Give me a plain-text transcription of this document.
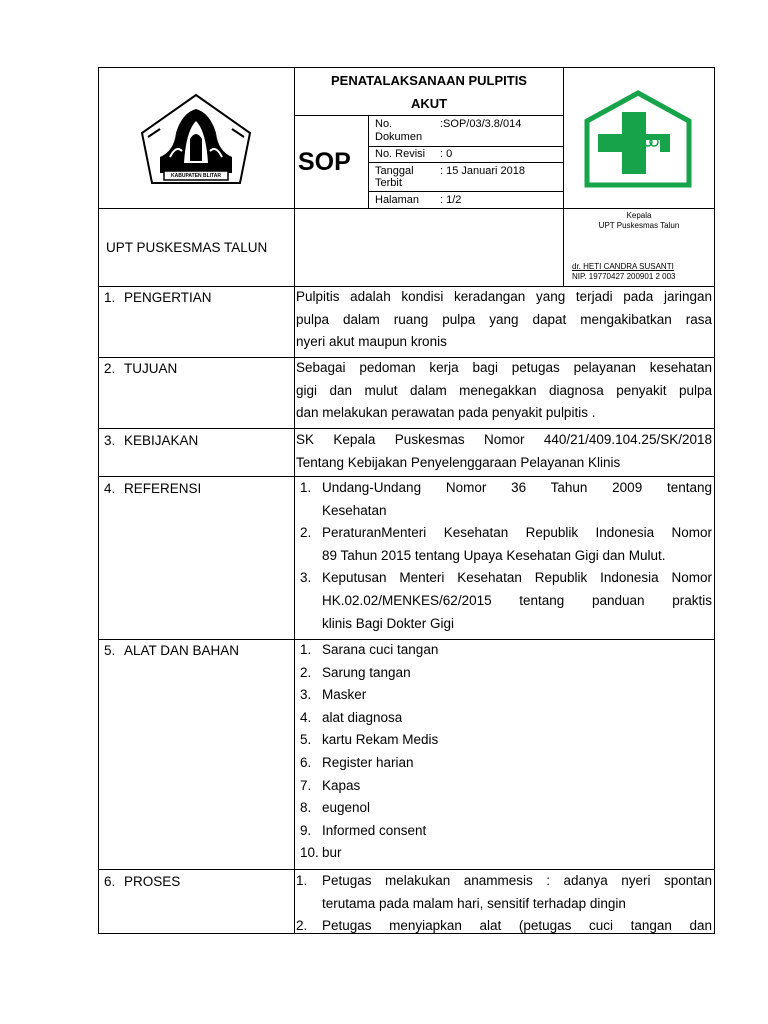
KABUPATEN BLITAR
PENATALAKSANAAN PULPITIS
AKUT
SOP
No.
Dokumen
:SOP/03/3.8/014
No. Revisi : 0
Tanggal
Terbit
: 15 Januari 2018
Halaman : 1/2
UPT PUSKESMAS TALUN
Kepala
UPT Puskesmas Talun
dr. HETI CANDRA SUSANTI
NIP. 19770427 200901 2 003
1. PENGERTIAN	Pulpitis adalah kondisi keradangan yang terjadi pada jaringan

pulpa dalam ruang pulpa yang dapat mengakibatkan rasa

nyeri akut maupun kronis

2. TUJUAN	Sebagai pedoman kerja bagi petugas pelayanan kesehatan

gigi dan mulut dalam menegakkan diagnosa penyakit pulpa

dan melakukan perawatan pada penyakit pulpitis .

3. KEBIJAKAN	SK Kepala Puskesmas Nomor 440/21/409.104.25/SK/2018

Tentang Kebijakan Penyelenggaraan Pelayanan Klinis

4. REFERENSI	1. Undang-Undang Nomor 36 Tahun 2009 tentang
Kesehatan
2. PeraturanMenteri Kesehatan Republik Indonesia Nomor
89 Tahun 2015 tentang Upaya Kesehatan Gigi dan Mulut.
3. Keputusan Menteri Kesehatan Republik Indonesia Nomor
HK.02.02/MENKES/62/2015 tentang panduan praktis
klinis Bagi Dokter Gigi
5. ALAT DAN BAHAN	1. Sarana cuci tangan
2. Sarung tangan
3. Masker
4. alat diagnosa
5. kartu Rekam Medis
6. Register harian
7. Kapas
8. eugenol
9. Informed consent
10. bur
6. PROSES	1. Petugas melakukan anammesis : adanya nyeri spontan
terutama pada malam hari, sensitif terhadap dingin
2. Petugas menyiapkan alat (petugas cuci tangan dan
